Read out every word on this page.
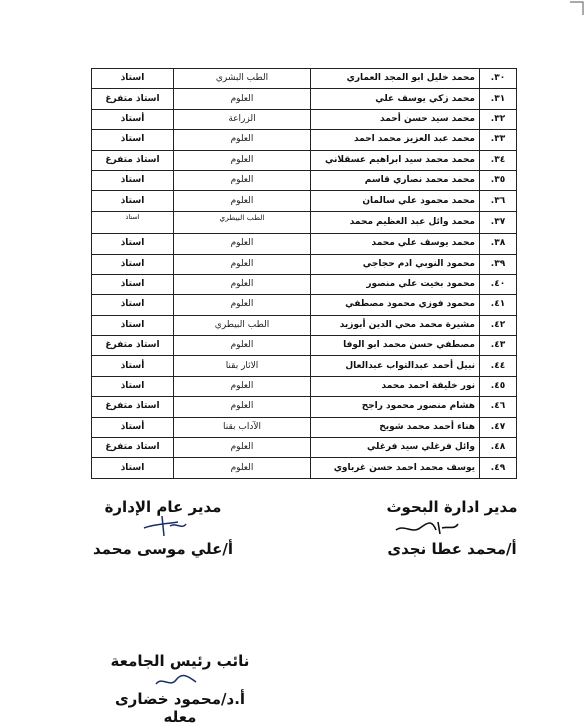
٣٠.	محمد خليل ابو المجد العماري	الطب البشري	استاذ
٣١.	محمد زكي يوسف علي	العلوم	استاذ متفرغ
٣٢.	محمد سيد حسن أحمد	الزراعة	أستاذ
٣٣.	محمد عبد العزيز محمد احمد	العلوم	استاذ
٣٤.	محمد محمد سيد ابراهيم عسقلاني	العلوم	استاذ متفرغ
٣٥.	محمد محمد نصاري قاسم	العلوم	استاذ
٣٦.	محمد محمود علي سالمان	العلوم	استاذ
٣٧.	محمد وائل عبد العظيم محمد	الطب البيطري	استاذ
٣٨.	محمد يوسف علي محمد	العلوم	استاذ
٣٩.	محمود النوبي ادم حجاجي	العلوم	استاذ
٤٠.	محمود بخيت علي منصور	العلوم	استاذ
٤١.	محمود فوزي محمود مصطفي	العلوم	استاذ
٤٢.	مشيرة محمد محي الدين أبوزيد	الطب البيطري	استاذ
٤٣.	مصطفي حسن محمد ابو الوفا	العلوم	استاذ متفرغ
٤٤.	نبيل أحمد عبدالتواب عبدالعال	الاثار بقنا	أستاذ
٤٥.	نور خليفة احمد محمد	العلوم	استاذ
٤٦.	هشام منصور محمود راجح	العلوم	استاذ متفرغ
٤٧.	هناء أحمد محمد شويخ	الآداب بقنا	أستاذ
٤٨.	وائل فرغلي سيد فرغلي	العلوم	استاذ متفرغ
٤٩.	يوسف محمد احمد حسن غرباوي	العلوم	استاذ
مدير ادارة البحوث
أ/محمد عطا نجدى
مدير عام الإدارة
أ/علي موسى محمد
نائب رئيس الجامعة
أ.د/محمود خضارى معله
